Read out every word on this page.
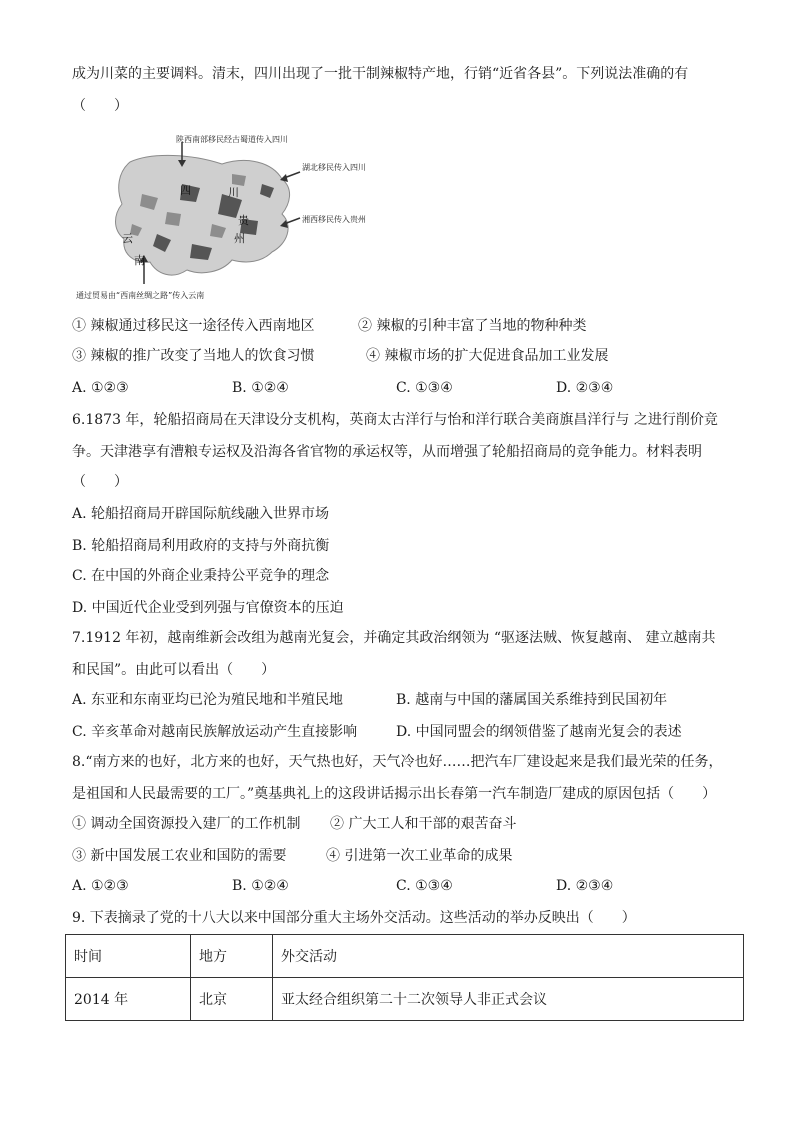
成为川菜的主要调料。清末，四川出现了一批干制辣椒特产地，行销“近省各县”。下列说法准确的有
（　　）
陕西南部移民经古蜀道传入四川
湖北移民传入四川
湘西移民传入贵州
通过贸易由“西南丝绸之路”传入云南
四	川
贵
州
云
南
① 辣椒通过移民这一途径传入西南地区	② 辣椒的引种丰富了当地的物种种类
③ 辣椒的推广改变了当地人的饮食习惯	④ 辣椒市场的扩大促进食品加工业发展
A. ①②③	B. ①②④	C. ①③④	D. ②③④
6.1873 年，轮船招商局在天津设分支机构，英商太古洋行与怡和洋行联合美商旗昌洋行与 之进行削价竞
争。天津港享有漕粮专运权及沿海各省官物的承运权等，从而增强了轮船招商局的竞争能力。材料表明
（　　）
A. 轮船招商局开辟国际航线融入世界市场
B. 轮船招商局利用政府的支持与外商抗衡
C. 在中国的外商企业秉持公平竞争的理念
D. 中国近代企业受到列强与官僚资本的压迫
7.1912 年初，越南维新会改组为越南光复会，并确定其政治纲领为 “驱逐法贼、恢复越南、 建立越南共
和民国”。由此可以看出（　　）
A. 东亚和东南亚均已沦为殖民地和半殖民地	B. 越南与中国的藩属国关系维持到民国初年
C. 辛亥革命对越南民族解放运动产生直接影响	D. 中国同盟会的纲领借鉴了越南光复会的表述
8.“南方来的也好，北方来的也好，天气热也好，天气冷也好……把汽车厂建设起来是我们最光荣的任务，
是祖国和人民最需要的工厂。”奠基典礼上的这段讲话揭示出长春第一汽车制造厂建成的原因包括（　　）
① 调动全国资源投入建厂的工作机制 ② 广大工人和干部的艰苦奋斗
③ 新中国发展工农业和国防的需要	④ 引进第一次工业革命的成果
A. ①②③	B. ①②④	C. ①③④	D. ②③④
9. 下表摘录了党的十八大以来中国部分重大主场外交活动。这些活动的举办反映出（　　）
时间	地方	外交活动
2014 年	北京	亚太经合组织第二十二次领导人非正式会议
